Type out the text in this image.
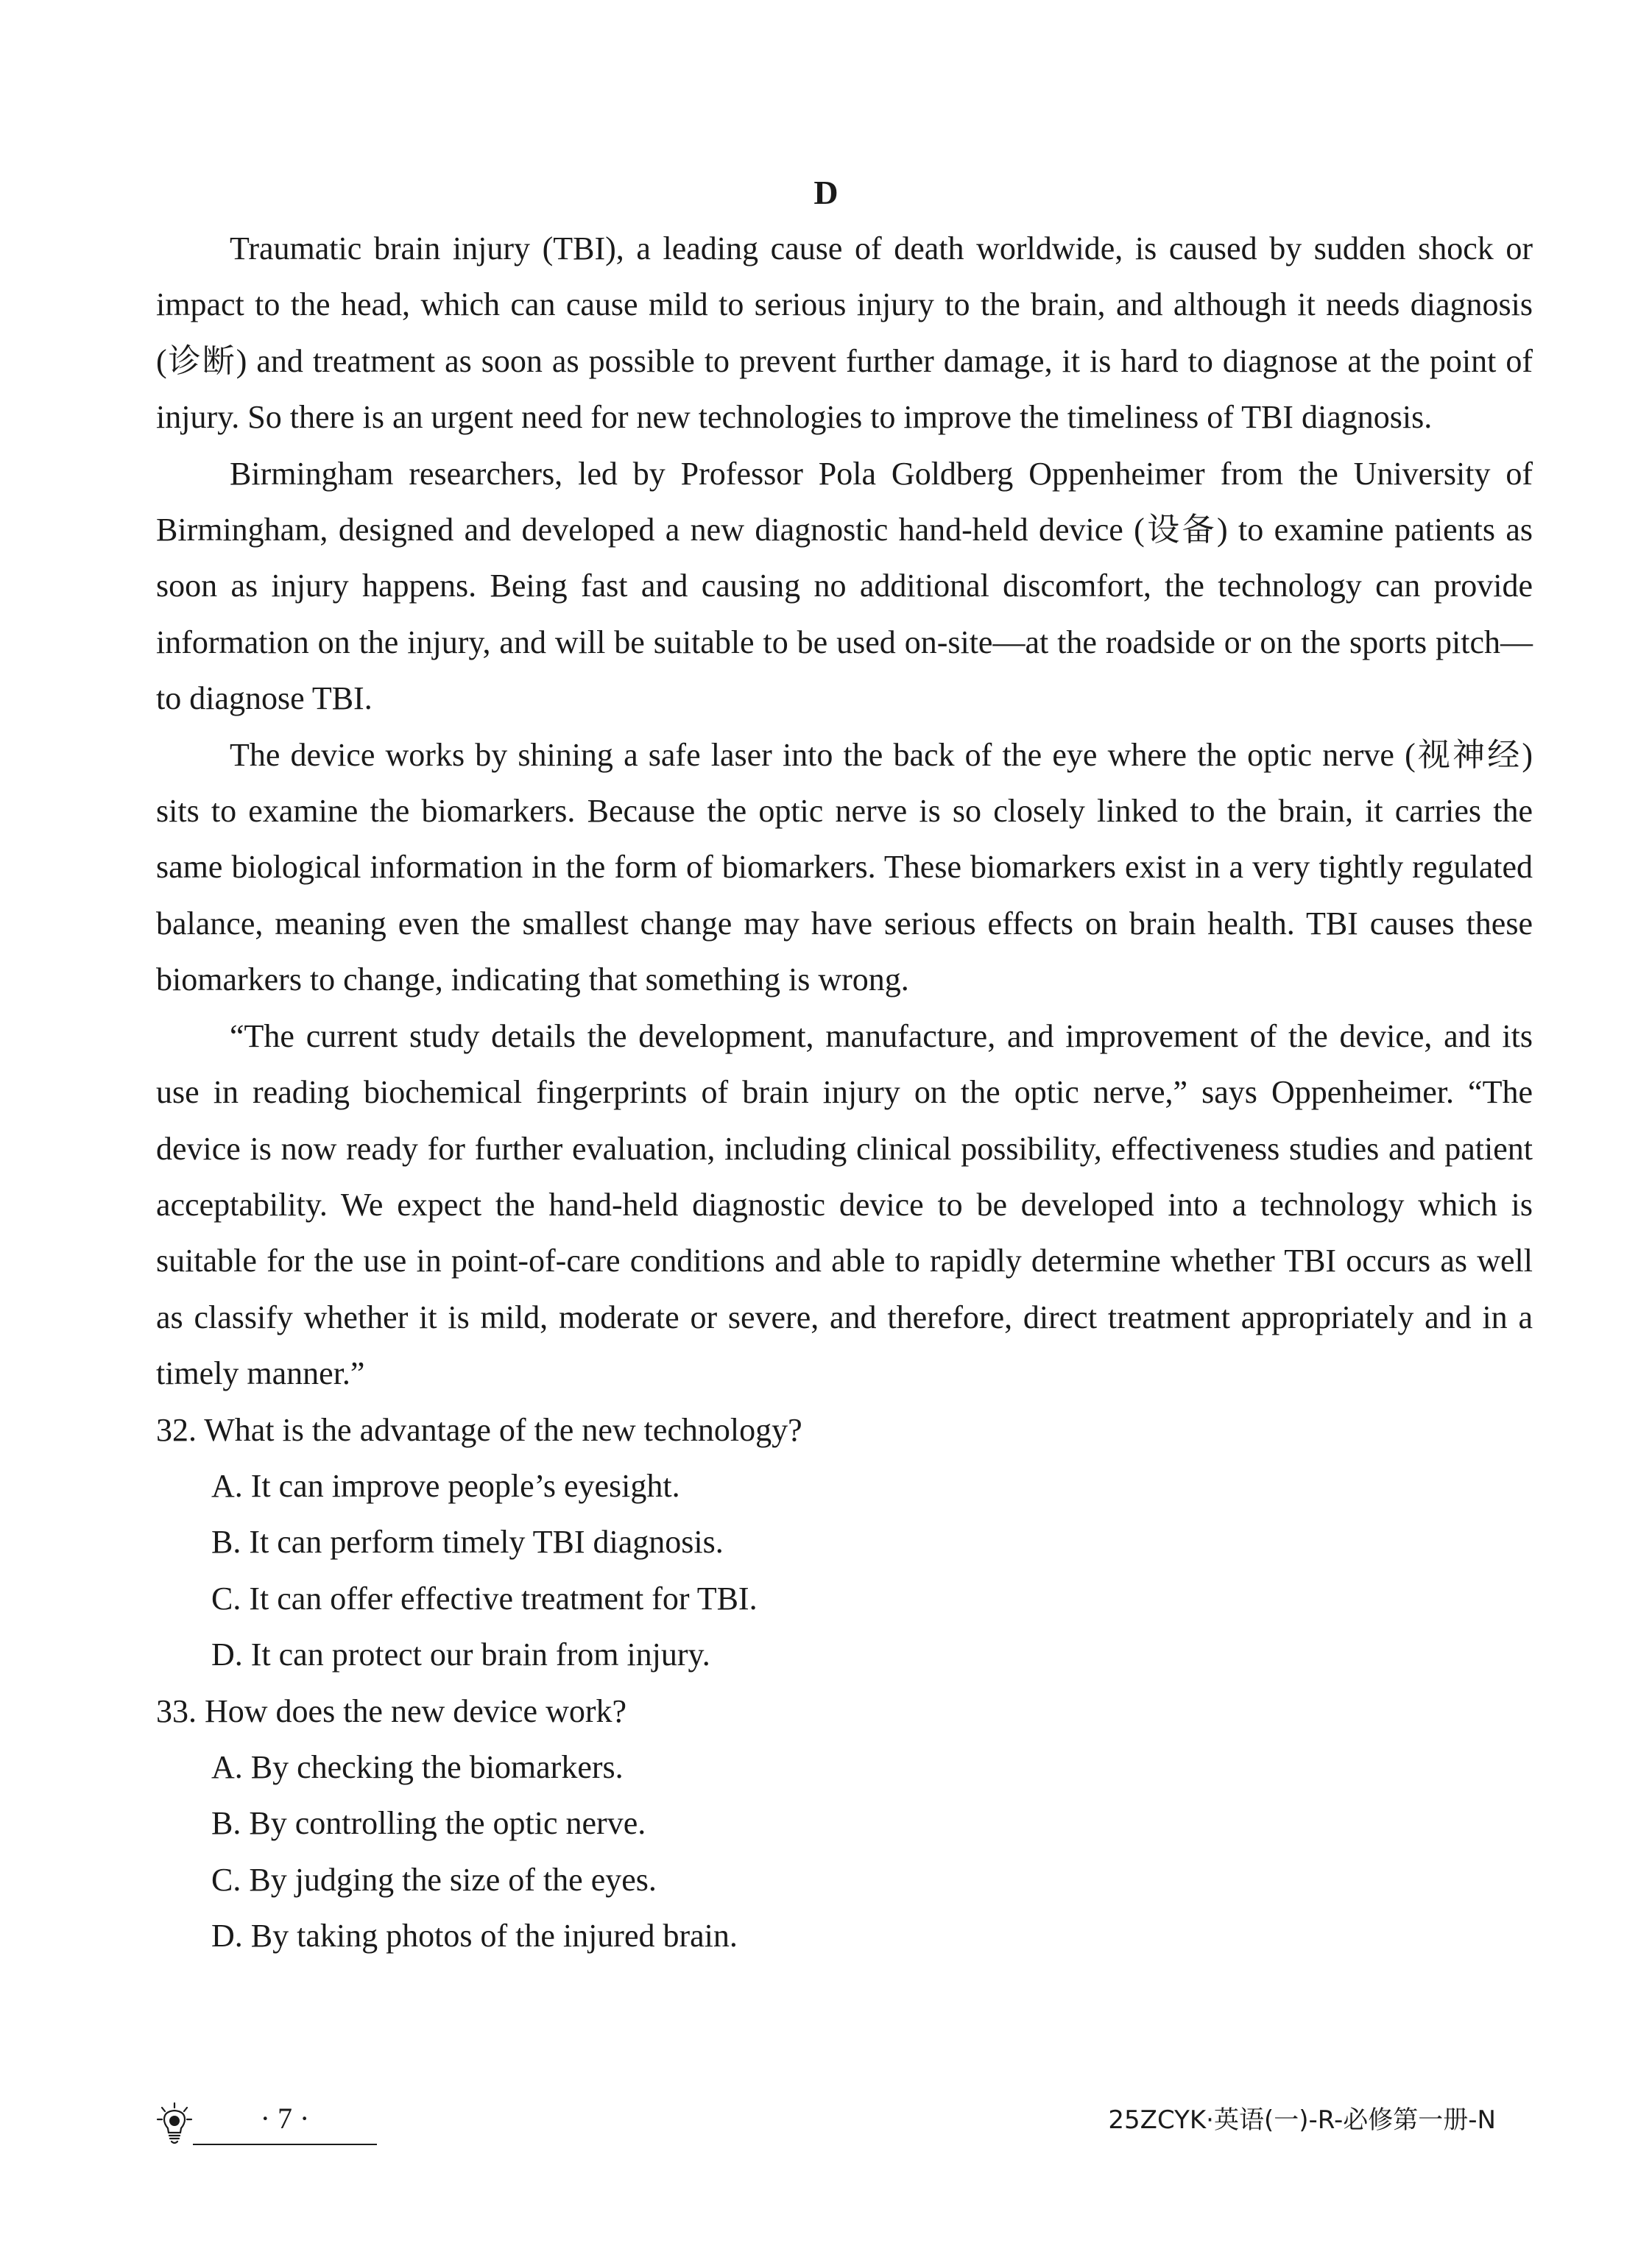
D

Traumatic brain injury (TBI), a leading cause of death worldwide, is caused by sudden shock or impact to the head, which can cause mild to serious injury to the brain, and although it needs diagnosis (诊断) and treatment as soon as possible to prevent further damage, it is hard to diagnose at the point of injury. So there is an urgent need for new technologies to improve the timeliness of TBI diagnosis.

Birmingham researchers, led by Professor Pola Goldberg Oppenheimer from the University of Birmingham, designed and developed a new diagnostic hand-held device (设备) to examine patients as soon as injury happens. Being fast and causing no additional discomfort, the technology can provide information on the injury, and will be suitable to be used on-site—at the roadside or on the sports pitch—to diagnose TBI.

The device works by shining a safe laser into the back of the eye where the optic nerve (视神经) sits to examine the biomarkers. Because the optic nerve is so closely linked to the brain, it carries the same biological information in the form of biomarkers. These biomarkers exist in a very tightly regulated balance, meaning even the smallest change may have serious effects on brain health. TBI causes these biomarkers to change, indicating that something is wrong.

“The current study details the development, manufacture, and improvement of the device, and its use in reading biochemical fingerprints of brain injury on the optic nerve,” says Oppenheimer. “The device is now ready for further evaluation, including clinical possibility, effectiveness studies and patient acceptability. We expect the hand-held diagnostic device to be developed into a technology which is suitable for the use in point-of-care conditions and able to rapidly determine whether TBI occurs as well as classify whether it is mild, moderate or severe, and therefore, direct treatment appropriately and in a timely manner.”

32. What is the advantage of the new technology?

A. It can improve people’s eyesight.

B. It can perform timely TBI diagnosis.

C. It can offer effective treatment for TBI.

D. It can protect our brain from injury.

33. How does the new device work?

A. By checking the biomarkers.

B. By controlling the optic nerve.

C. By judging the size of the eyes.

D. By taking photos of the injured brain.

· 7 ·	25ZCYK·英语(一)-R-必修第一册-N
